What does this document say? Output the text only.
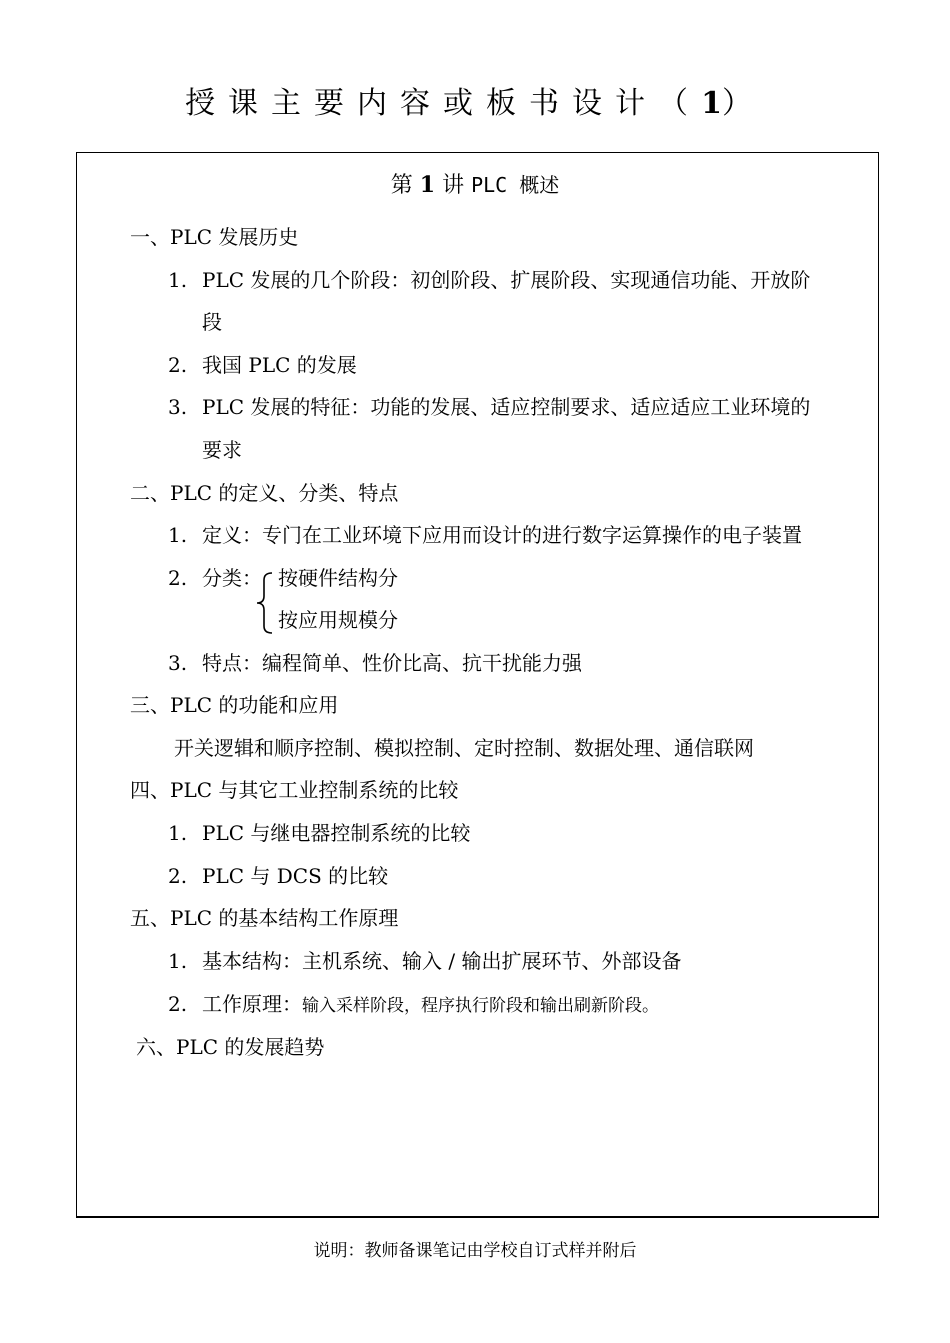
授课主要内容或板书设计（1）
第 1 讲 PLC 概述
一、PLC 发展历史
1. PLC 发展的几个阶段：初创阶段、扩展阶段、实现通信功能、开放阶
段
2. 我国 PLC 的发展
3. PLC 发展的特征：功能的发展、适应控制要求、适应适应工业环境的
要求
二、PLC 的定义、分类、特点
1. 定义：专门在工业环境下应用而设计的进行数字运算操作的电子装置
2. 分类： 按硬件结构分
按应用规模分
3. 特点：编程简单、性价比高、抗干扰能力强
三、PLC 的功能和应用
开关逻辑和顺序控制、模拟控制、定时控制、数据处理、通信联网
四、PLC 与其它工业控制系统的比较
1. PLC 与继电器控制系统的比较
2. PLC 与 DCS 的比较
五、PLC 的基本结构工作原理
1. 基本结构：主机系统、输入 / 输出扩展环节、外部设备
2. 工作原理：输入采样阶段，程序执行阶段和输出刷新阶段。
六、PLC 的发展趋势
说明：教师备课笔记由学校自订式样并附后
